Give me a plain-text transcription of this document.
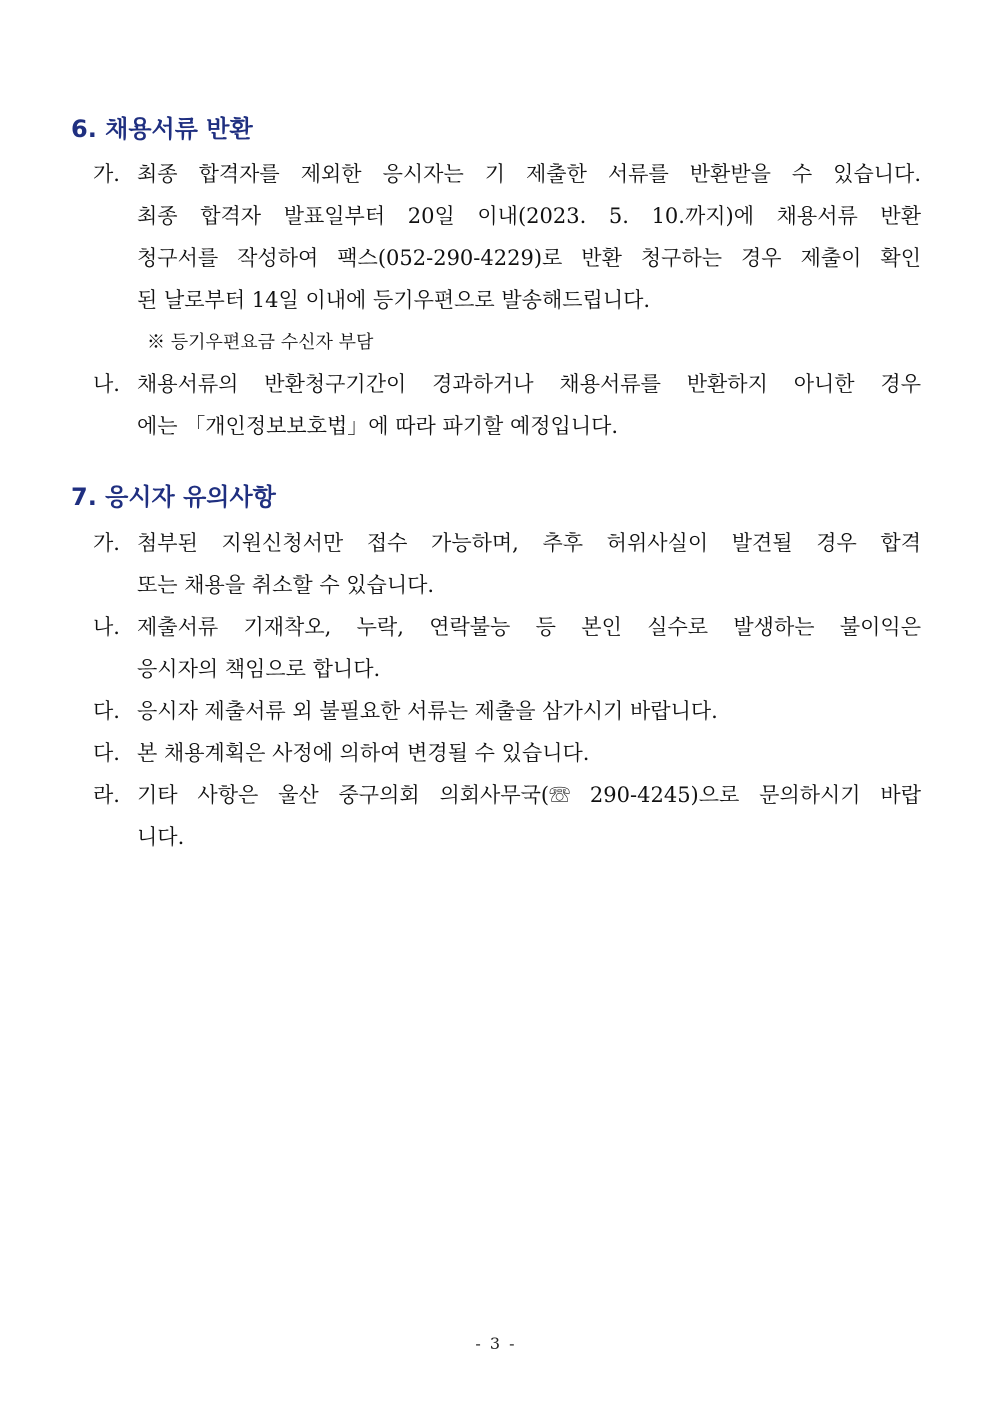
6. 채용서류 반환
가. 최종 합격자를 제외한 응시자는 기 제출한 서류를 반환받을 수 있습니다.
최종 합격자 발표일부터 20일 이내(2023. 5. 10.까지)에 채용서류 반환
청구서를 작성하여 팩스(052-290-4229)로 반환 청구하는 경우 제출이 확인
된 날로부터 14일 이내에 등기우편으로 발송해드립니다.
※ 등기우편요금 수신자 부담
나. 채용서류의 반환청구기간이 경과하거나 채용서류를 반환하지 아니한 경우
에는 「개인정보보호법」에 따라 파기할 예정입니다.
7. 응시자 유의사항
가. 첨부된 지원신청서만 접수 가능하며, 추후 허위사실이 발견될 경우 합격
또는 채용을 취소할 수 있습니다.
나. 제출서류 기재착오, 누락, 연락불능 등 본인 실수로 발생하는 불이익은
응시자의 책임으로 합니다.
다. 응시자 제출서류 외 불필요한 서류는 제출을 삼가시기 바랍니다.
다. 본 채용계획은 사정에 의하여 변경될 수 있습니다.
라. 기타 사항은 울산 중구의회 의회사무국(☏ 290-4245)으로 문의하시기 바랍
니다.
- 3 -
